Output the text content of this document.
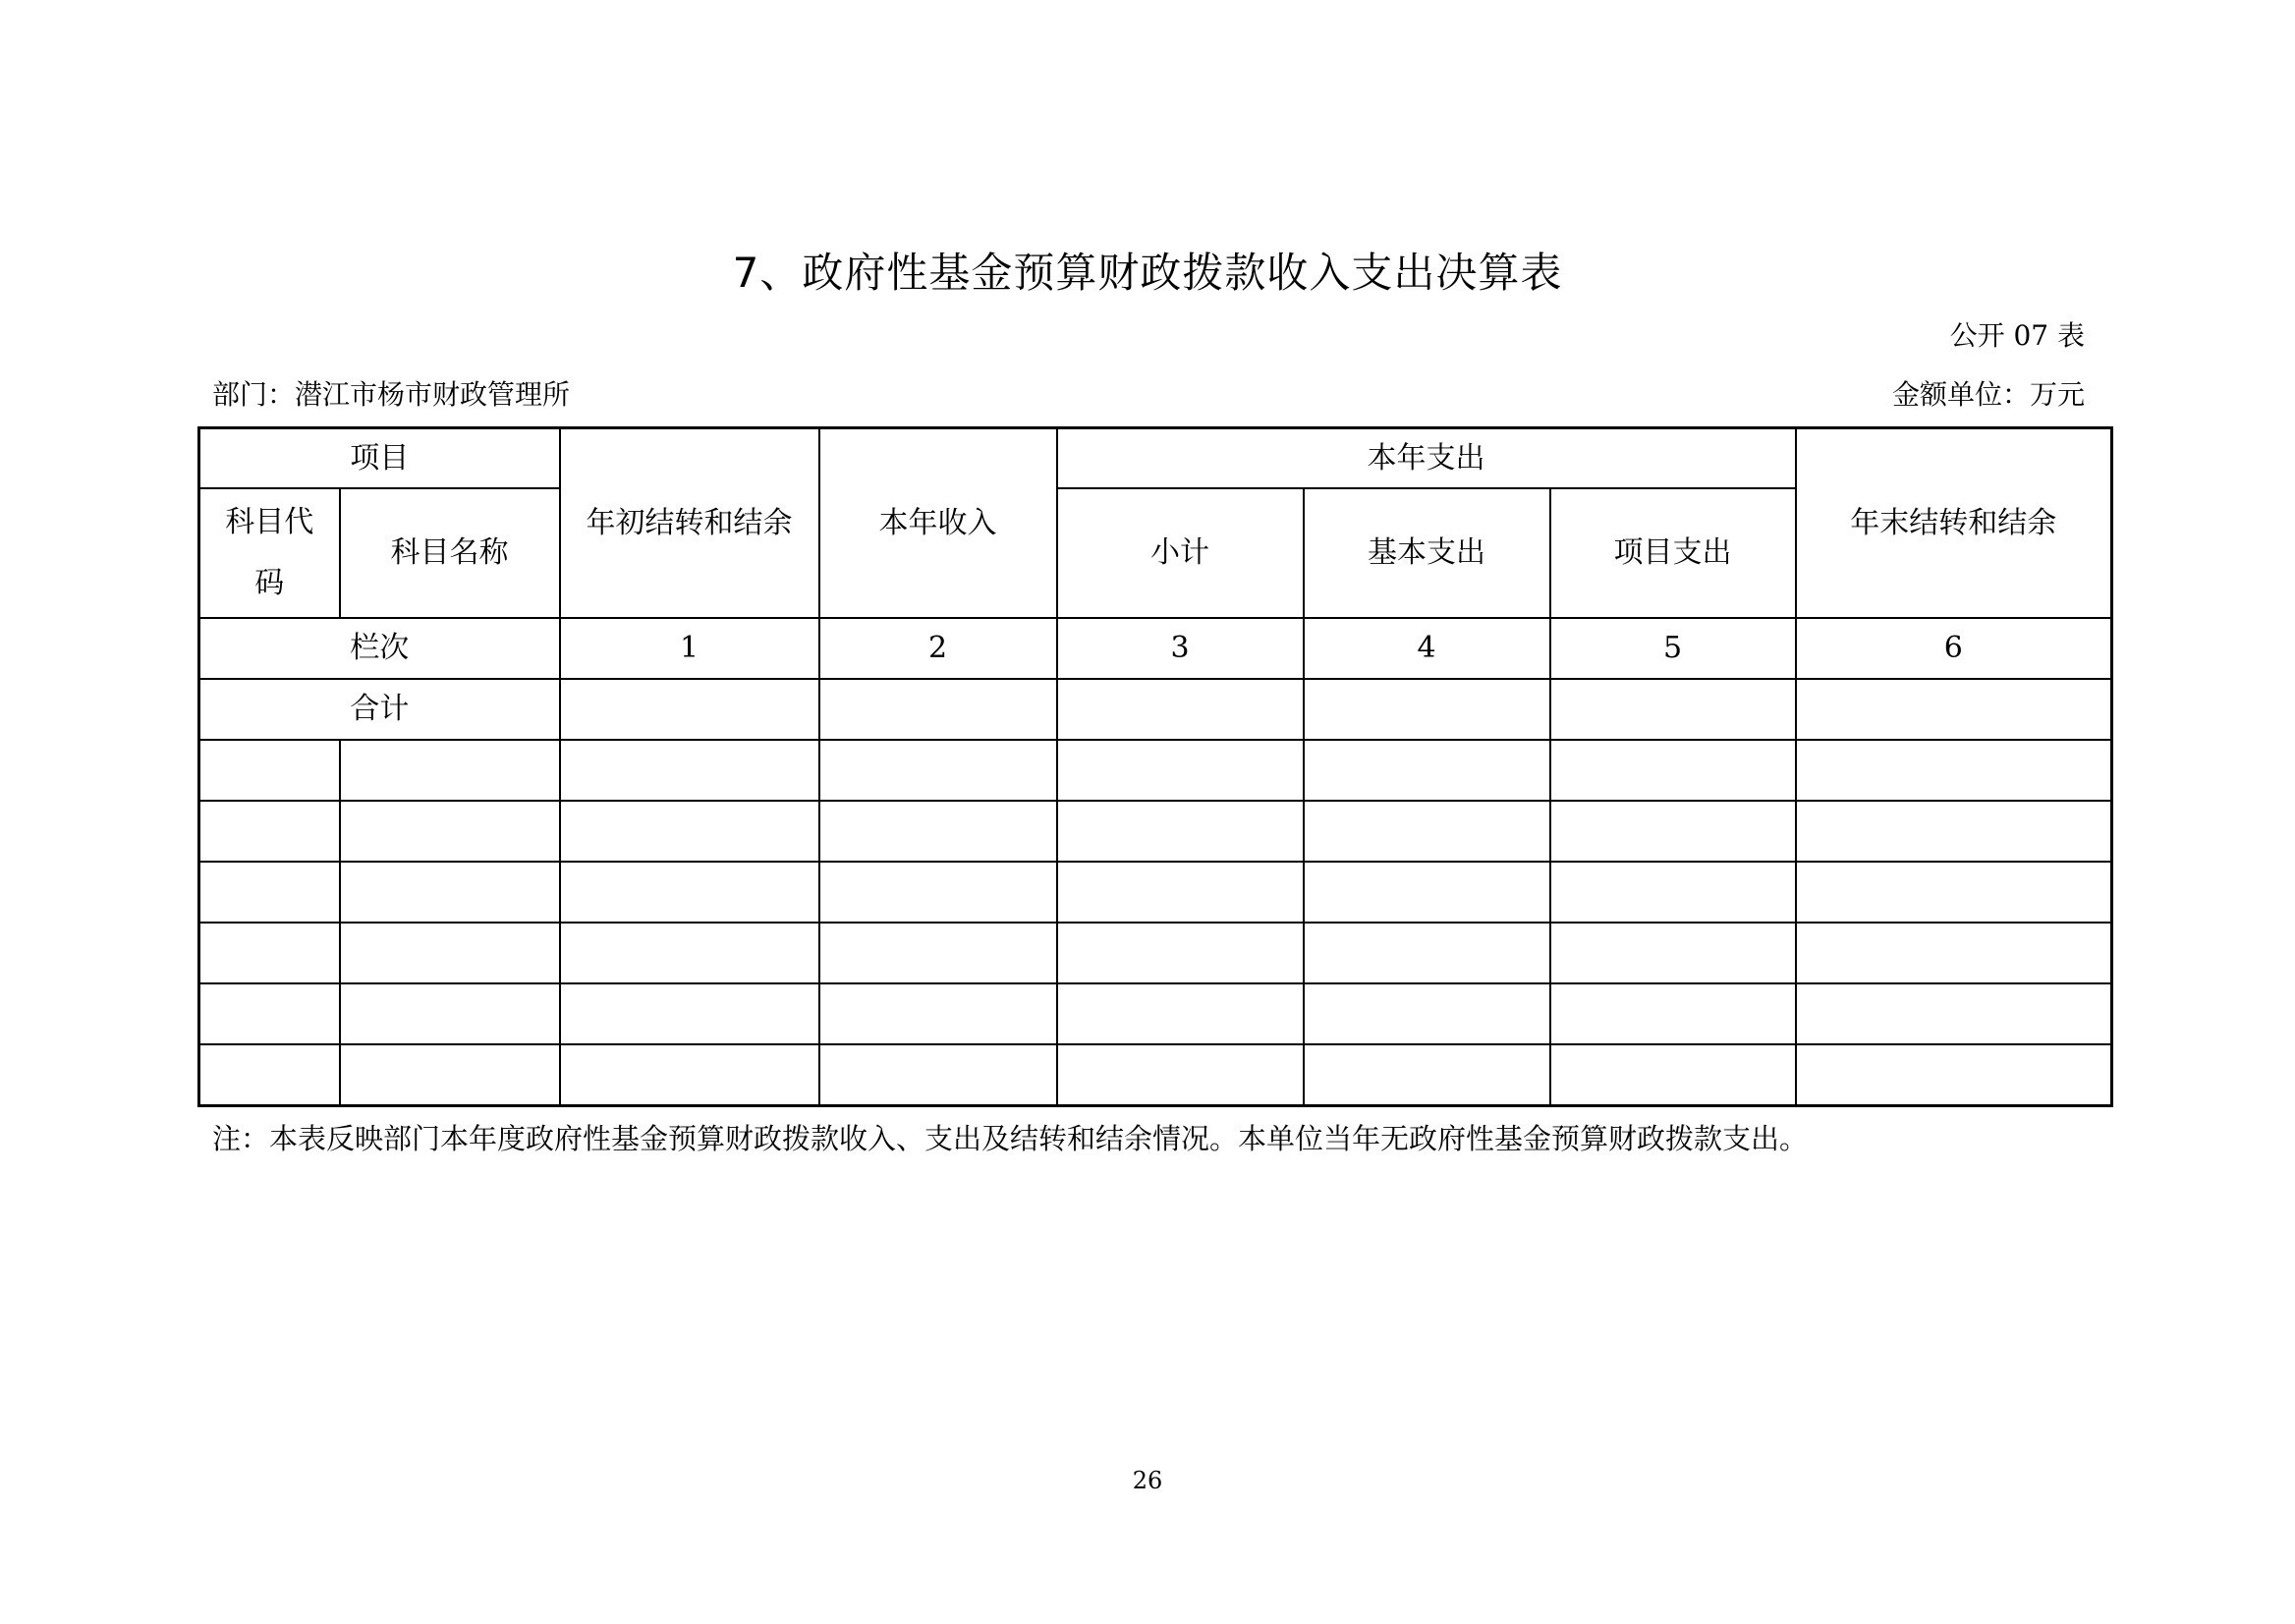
7、政府性基金预算财政拨款收入支出决算表
公开 07 表
部门：潜江市杨市财政管理所	金额单位：万元
项目		年初结转和结余	本年收入	本年支出			年末结转和结余
科目代码	科目名称			小计	基本支出	项目支出	
栏次		1	2	3	4	5	6
合计							

注：本表反映部门本年度政府性基金预算财政拨款收入、支出及结转和结余情况。本单位当年无政府性基金预算财政拨款支出。
26
